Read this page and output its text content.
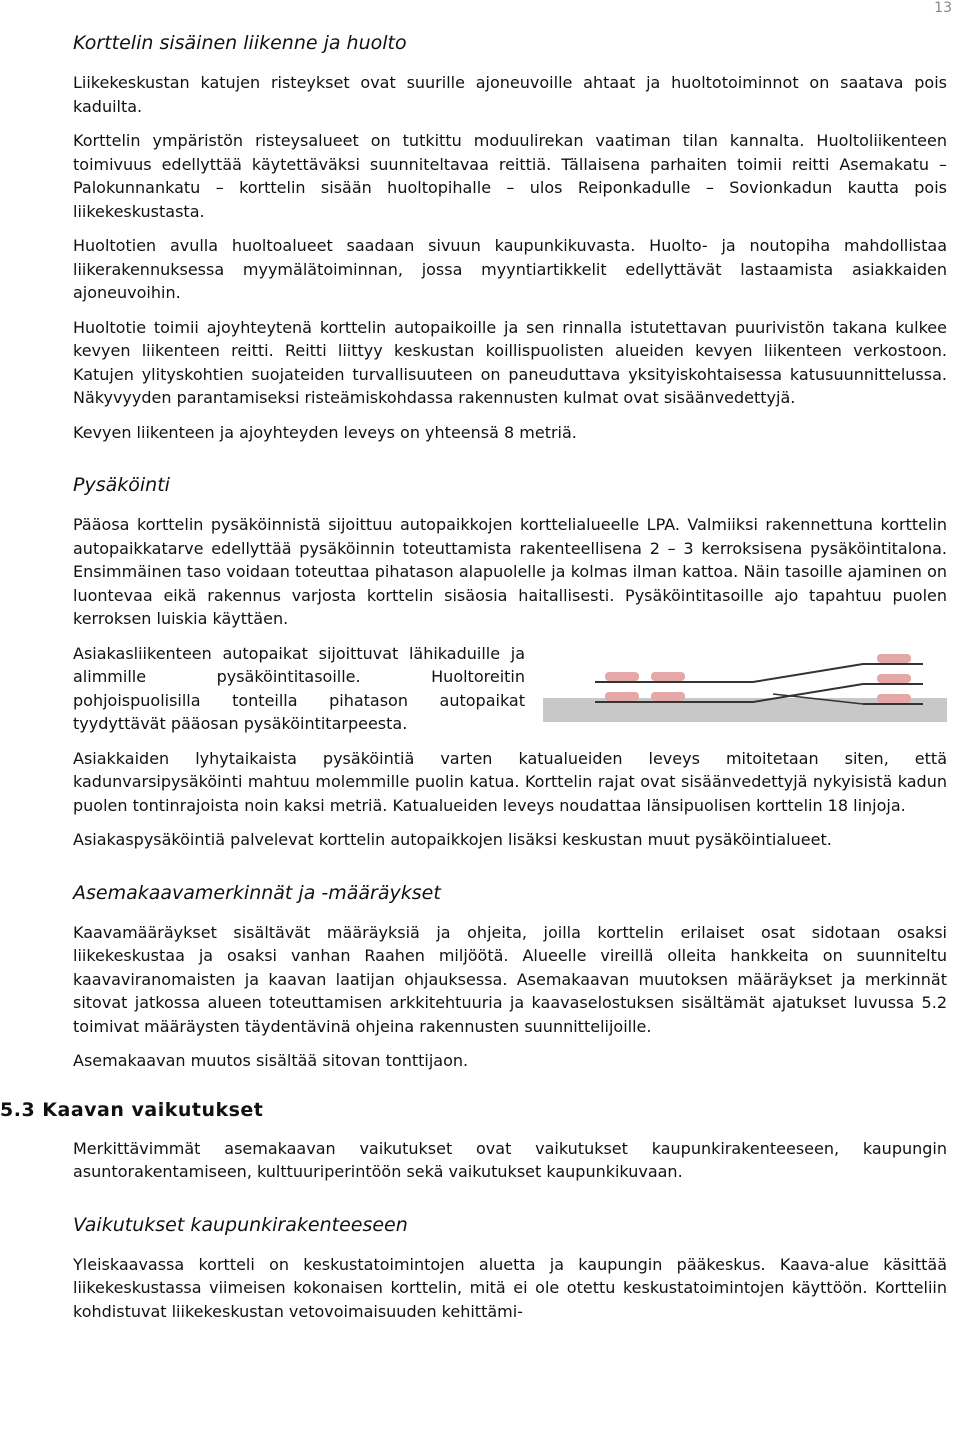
13
Korttelin sisäinen liikenne ja huolto

Liikekeskustan katujen risteykset ovat suurille ajoneuvoille ahtaat ja huoltotoiminnot on saatava pois kaduilta.

Korttelin ympäristön risteysalueet on tutkittu moduulirekan vaatiman tilan kannalta. Huoltoliikenteen toimivuus edellyttää käytettäväksi suunniteltavaa reittiä. Tällaisena parhaiten toimii reitti Asemakatu – Palokunnankatu – korttelin sisään huoltopihalle – ulos Reiponkadulle – Sovionkadun kautta pois liikekeskustasta.

Huoltotien avulla huoltoalueet saadaan sivuun kaupunkikuvasta. Huolto- ja noutopiha mahdollistaa liikerakennuksessa myymälätoiminnan, jossa myyntiartikkelit edellyttävät lastaamista asiakkaiden ajoneuvoihin.

Huoltotie toimii ajoyhteytenä korttelin autopaikoille ja sen rinnalla istutettavan puurivistön takana kulkee kevyen liikenteen reitti. Reitti liittyy keskustan koillispuolisten alueiden kevyen liikenteen verkostoon. Katujen ylityskohtien suojateiden turvallisuuteen on paneuduttava yksityiskohtaisessa katusuunnittelussa. Näkyvyyden parantamiseksi risteämiskohdassa rakennusten kulmat ovat sisäänvedettyjä.

Kevyen liikenteen ja ajoyhteyden leveys on yhteensä 8 metriä.

Pysäköinti

Pääosa korttelin pysäköinnistä sijoittuu autopaikkojen korttelialueelle LPA. Valmiiksi rakennettuna korttelin autopaikkatarve edellyttää pysäköinnin toteuttamista rakenteellisena 2 – 3 kerroksisena pysäköintitalona. Ensimmäinen taso voidaan toteuttaa pihatason alapuolelle ja kolmas ilman kattoa. Näin tasoille ajaminen on luontevaa eikä rakennus varjosta korttelin sisäosia haitallisesti. Pysäköintitasoille ajo tapahtuu puolen kerroksen luiskia käyttäen.

Asiakasliikenteen autopaikat sijoittuvat lähikaduille ja alimmille pysäköintitasoille. Huoltoreitin pohjoispuolisilla tonteilla pihatason autopaikat tyydyttävät pääosan pysäköintitarpeesta.

Asiakkaiden lyhytaikaista pysäköintiä varten katualueiden leveys mitoitetaan siten, että kadunvarsipysäköinti mahtuu molemmille puolin katua. Korttelin rajat ovat sisäänvedettyjä nykyisistä kadun puolen tontinrajoista noin kaksi metriä. Katualueiden leveys noudattaa länsipuolisen korttelin 18 linjoja.

Asiakaspysäköintiä palvelevat korttelin autopaikkojen lisäksi keskustan muut pysäköintialueet.

Asemakaavamerkinnät ja -määräykset

Kaavamääräykset sisältävät määräyksiä ja ohjeita, joilla korttelin erilaiset osat sidotaan osaksi liikekeskustaa ja osaksi vanhan Raahen miljöötä. Alueelle vireillä olleita hankkeita on suunniteltu kaavaviranomaisten ja kaavan laatijan ohjauksessa. Asemakaavan muutoksen määräykset ja merkinnät sitovat jatkossa alueen toteuttamisen arkkitehtuuria ja kaavaselostuksen sisältämät ajatukset luvussa 5.2 toimivat määräysten täydentävinä ohjeina rakennusten suunnittelijoille.

Asemakaavan muutos sisältää sitovan tonttijaon.

5.3 Kaavan vaikutukset

Merkittävimmät asemakaavan vaikutukset ovat vaikutukset kaupunkirakenteeseen, kaupungin asuntorakentamiseen, kulttuuriperintöön sekä vaikutukset kaupunkikuvaan.

Vaikutukset kaupunkirakenteeseen

Yleiskaavassa kortteli on keskustatoimintojen aluetta ja kaupungin pääkeskus. Kaava-alue käsittää liikekeskustassa viimeisen kokonaisen korttelin, mitä ei ole otettu keskustatoimintojen käyttöön. Kortteliin kohdistuvat liikekeskustan vetovoimaisuuden kehittämi-
